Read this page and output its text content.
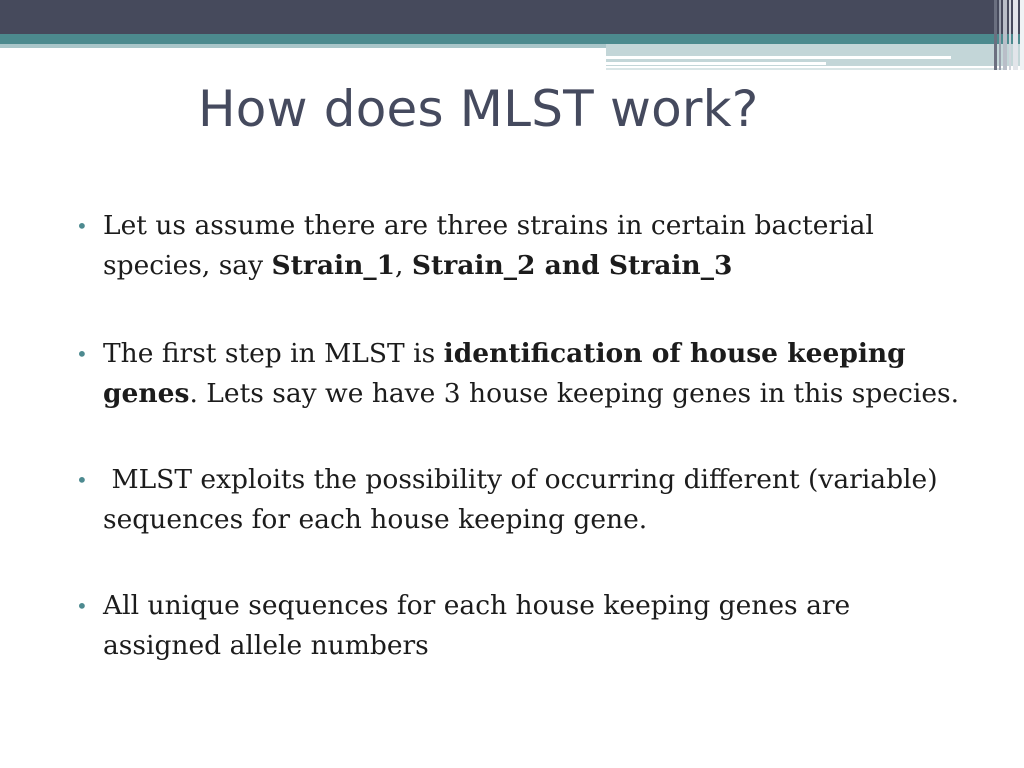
How does MLST work?

• Let us assume there are three strains in certain bacterial species, say Strain_1, Strain_2 and Strain_3

• The first step in MLST is identification of house keeping genes. Lets say we have 3 house keeping genes in this species.

• MLST exploits the possibility of occurring different (variable) sequences for each house keeping gene.

• All unique sequences for each house keeping genes are assigned allele numbers
